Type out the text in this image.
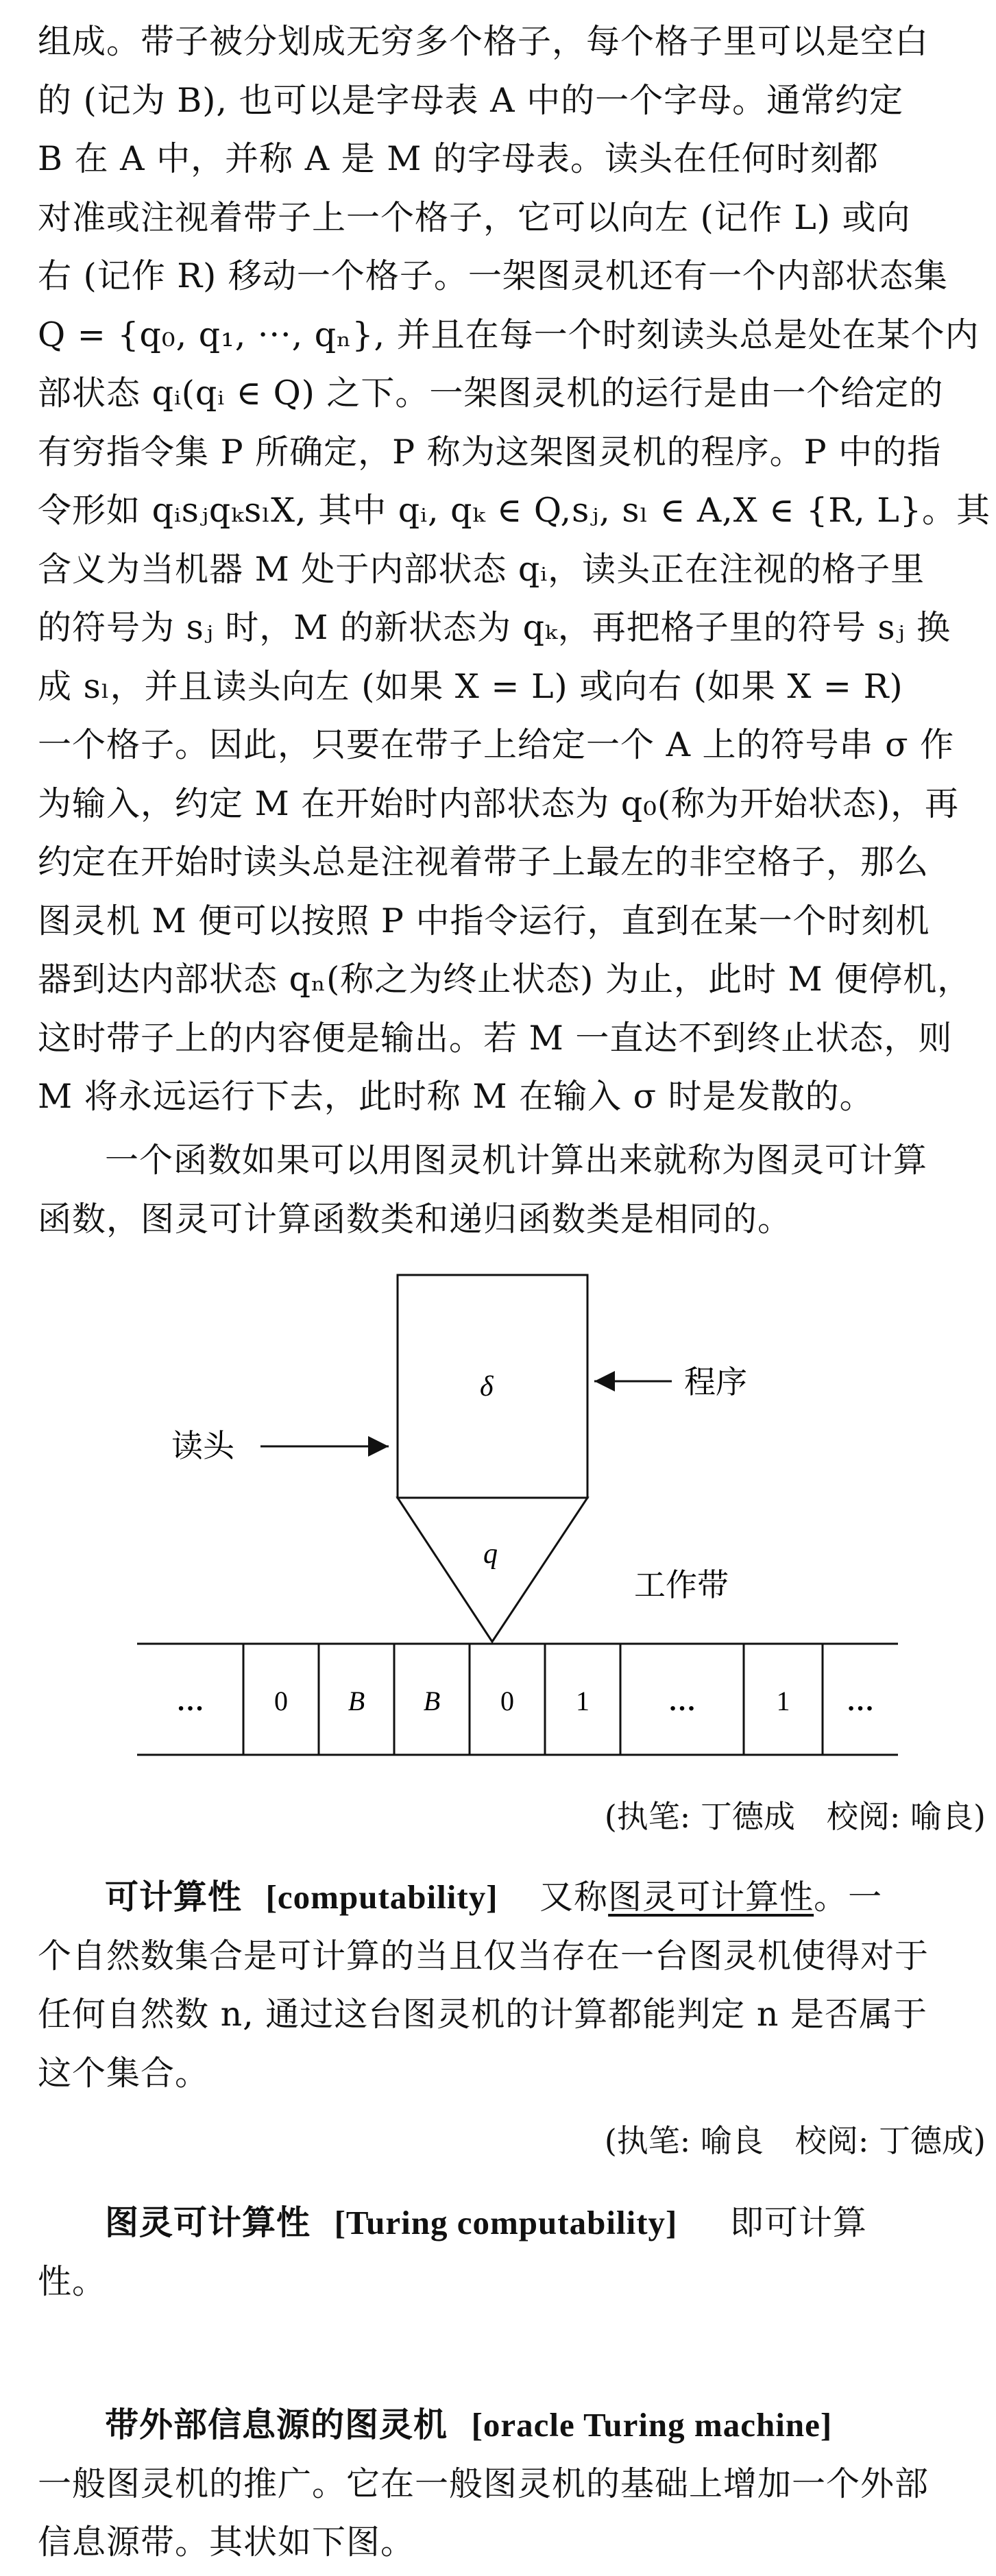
组成。带子被分划成无穷多个格子，每个格子里可以是空白
的 (记为 B), 也可以是字母表 A 中的一个字母。通常约定
B 在 A 中，并称 A 是 M 的字母表。读头在任何时刻都
对准或注视着带子上一个格子，它可以向左 (记作 L) 或向
右 (记作 R) 移动一个格子。一架图灵机还有一个内部状态集
Q = {q₀, q₁, ···, qₙ}, 并且在每一个时刻读头总是处在某个内
部状态 qᵢ(qᵢ ∈ Q) 之下。一架图灵机的运行是由一个给定的
有穷指令集 P 所确定，P 称为这架图灵机的程序。P 中的指
令形如 qᵢsⱼqₖsₗX, 其中 qᵢ, qₖ ∈ Q,sⱼ, sₗ ∈ A,X ∈ {R, L}。其
含义为当机器 M 处于内部状态 qᵢ，读头正在注视的格子里
的符号为 sⱼ 时，M 的新状态为 qₖ，再把格子里的符号 sⱼ 换
成 sₗ，并且读头向左 (如果 X = L) 或向右 (如果 X = R)
一个格子。因此，只要在带子上给定一个 A 上的符号串 σ 作
为输入，约定 M 在开始时内部状态为 q₀(称为开始状态)，再
约定在开始时读头总是注视着带子上最左的非空格子，那么
图灵机 M 便可以按照 P 中指令运行，直到在某一个时刻机
器到达内部状态 qₙ(称之为终止状态) 为止，此时 M 便停机，
这时带子上的内容便是输出。若 M 一直达不到终止状态，则
M 将永远运行下去，此时称 M 在输入 σ 时是发散的。
一个函数如果可以用图灵机计算出来就称为图灵可计算
函数，图灵可计算函数类和递归函数类是相同的。
δ
q
程序
读头
工作带
…	0 B B 0 1	…	1 …
(执笔: 丁德成　校阅: 喻良)
可计算性 [computability] 又称图灵可计算性。一
个自然数集合是可计算的当且仅当存在一台图灵机使得对于
任何自然数 n, 通过这台图灵机的计算都能判定 n 是否属于
这个集合。
(执笔: 喻良　校阅: 丁德成)
图灵可计算性 [Turing computability] 即可计算
性。
带外部信息源的图灵机 [oracle Turing machine]
一般图灵机的推广。它在一般图灵机的基础上增加一个外部
信息源带。其状如下图。
